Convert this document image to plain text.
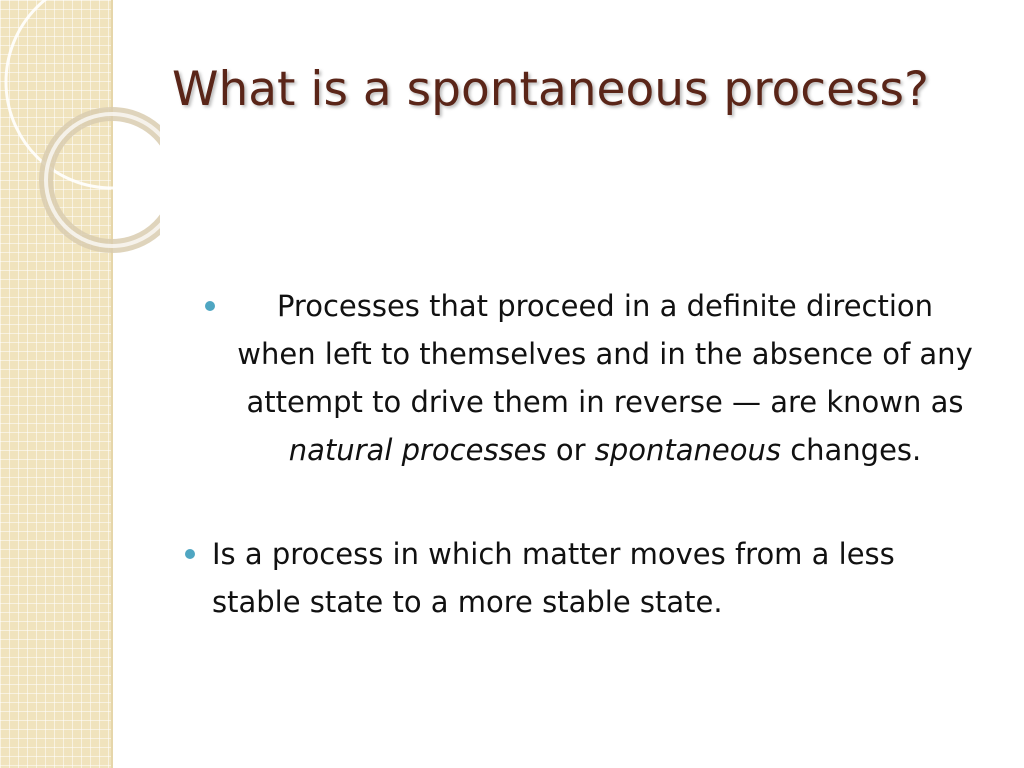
What is a spontaneous process?

Processes that proceed in a definite direction when left to themselves and in the absence of any attempt to drive them in reverse — are known as natural processes or spontaneous changes.

Is a process in which matter moves from a less stable state to a more stable state.
